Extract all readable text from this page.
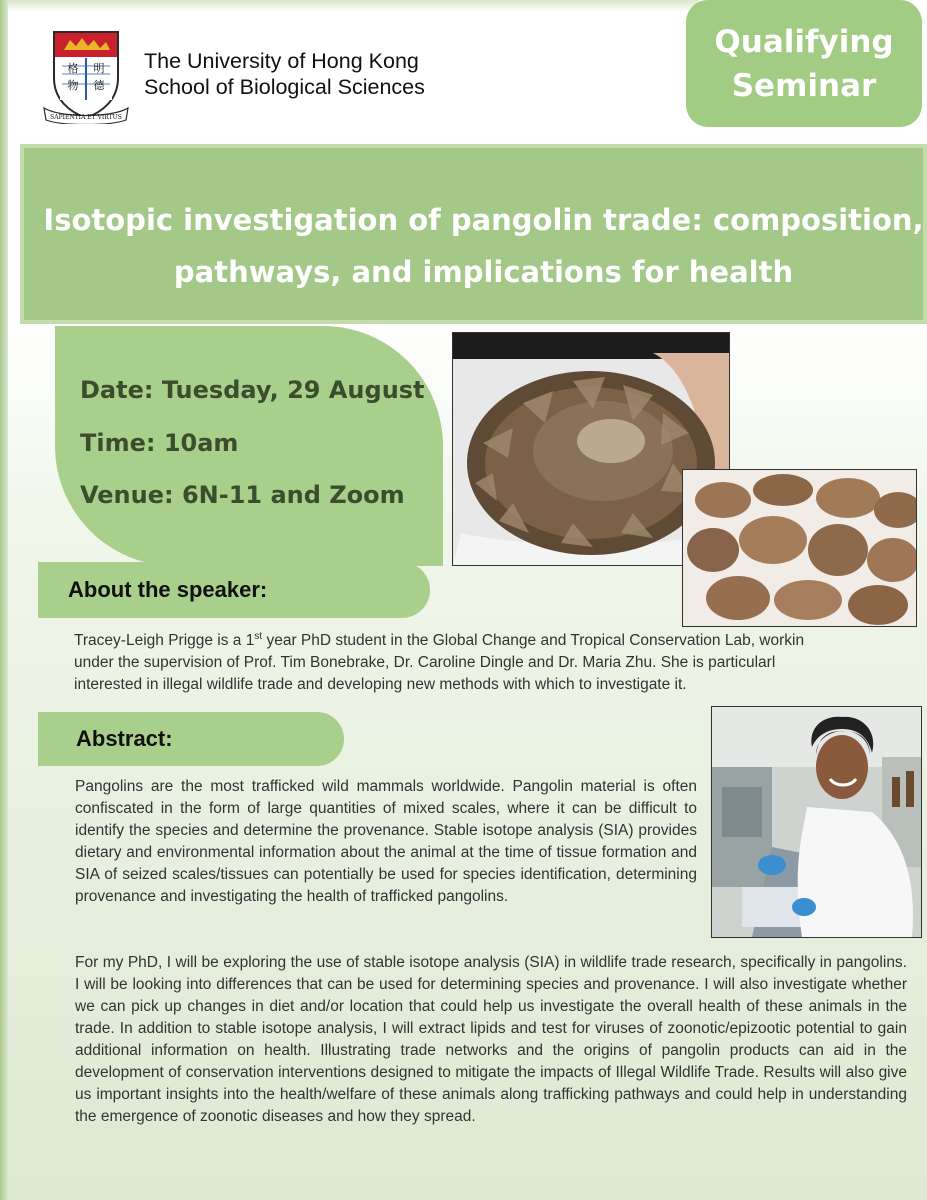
格 明
物 德
SAPIENTIA ET VIRTUS
The University of Hong Kong
School of Biological Sciences
Qualifying
Seminar
Isotopic investigation of pangolin trade: composition,
pathways, and implications for health
Date: Tuesday, 29 August
Time: 10am
Venue: 6N-11 and Zoom
About the speaker:
Tracey-Leigh Prigge is a 1st year PhD student in the Global Change and Tropical Conservation Lab, workin
under the supervision of Prof. Tim Bonebrake, Dr. Caroline Dingle and Dr. Maria Zhu. She is particularl
interested in illegal wildlife trade and developing new methods with which to investigate it.
Abstract:

Pangolins are the most trafficked wild mammals worldwide. Pangolin material is often confiscated in the form of large quantities of mixed scales, where it can be difficult to identify the species and determine the provenance. Stable isotope analysis (SIA) provides dietary and environmental information about the animal at the time of tissue formation and SIA of seized scales/tissues can potentially be used for species identification, determining provenance and investigating the health of trafficked pangolins.

For my PhD, I will be exploring the use of stable isotope analysis (SIA) in wildlife trade research, specifically in pangolins. I will be looking into differences that can be used for determining species and provenance. I will also investigate whether we can pick up changes in diet and/or location that could help us investigate the overall health of these animals in the trade. In addition to stable isotope analysis, I will extract lipids and test for viruses of zoonotic/epizootic potential to gain additional information on health. Illustrating trade networks and the origins of pangolin products can aid in the development of conservation interventions designed to mitigate the impacts of Illegal Wildlife Trade. Results will also give us important insights into the health/welfare of these animals along trafficking pathways and could help in understanding the emergence of zoonotic diseases and how they spread.
